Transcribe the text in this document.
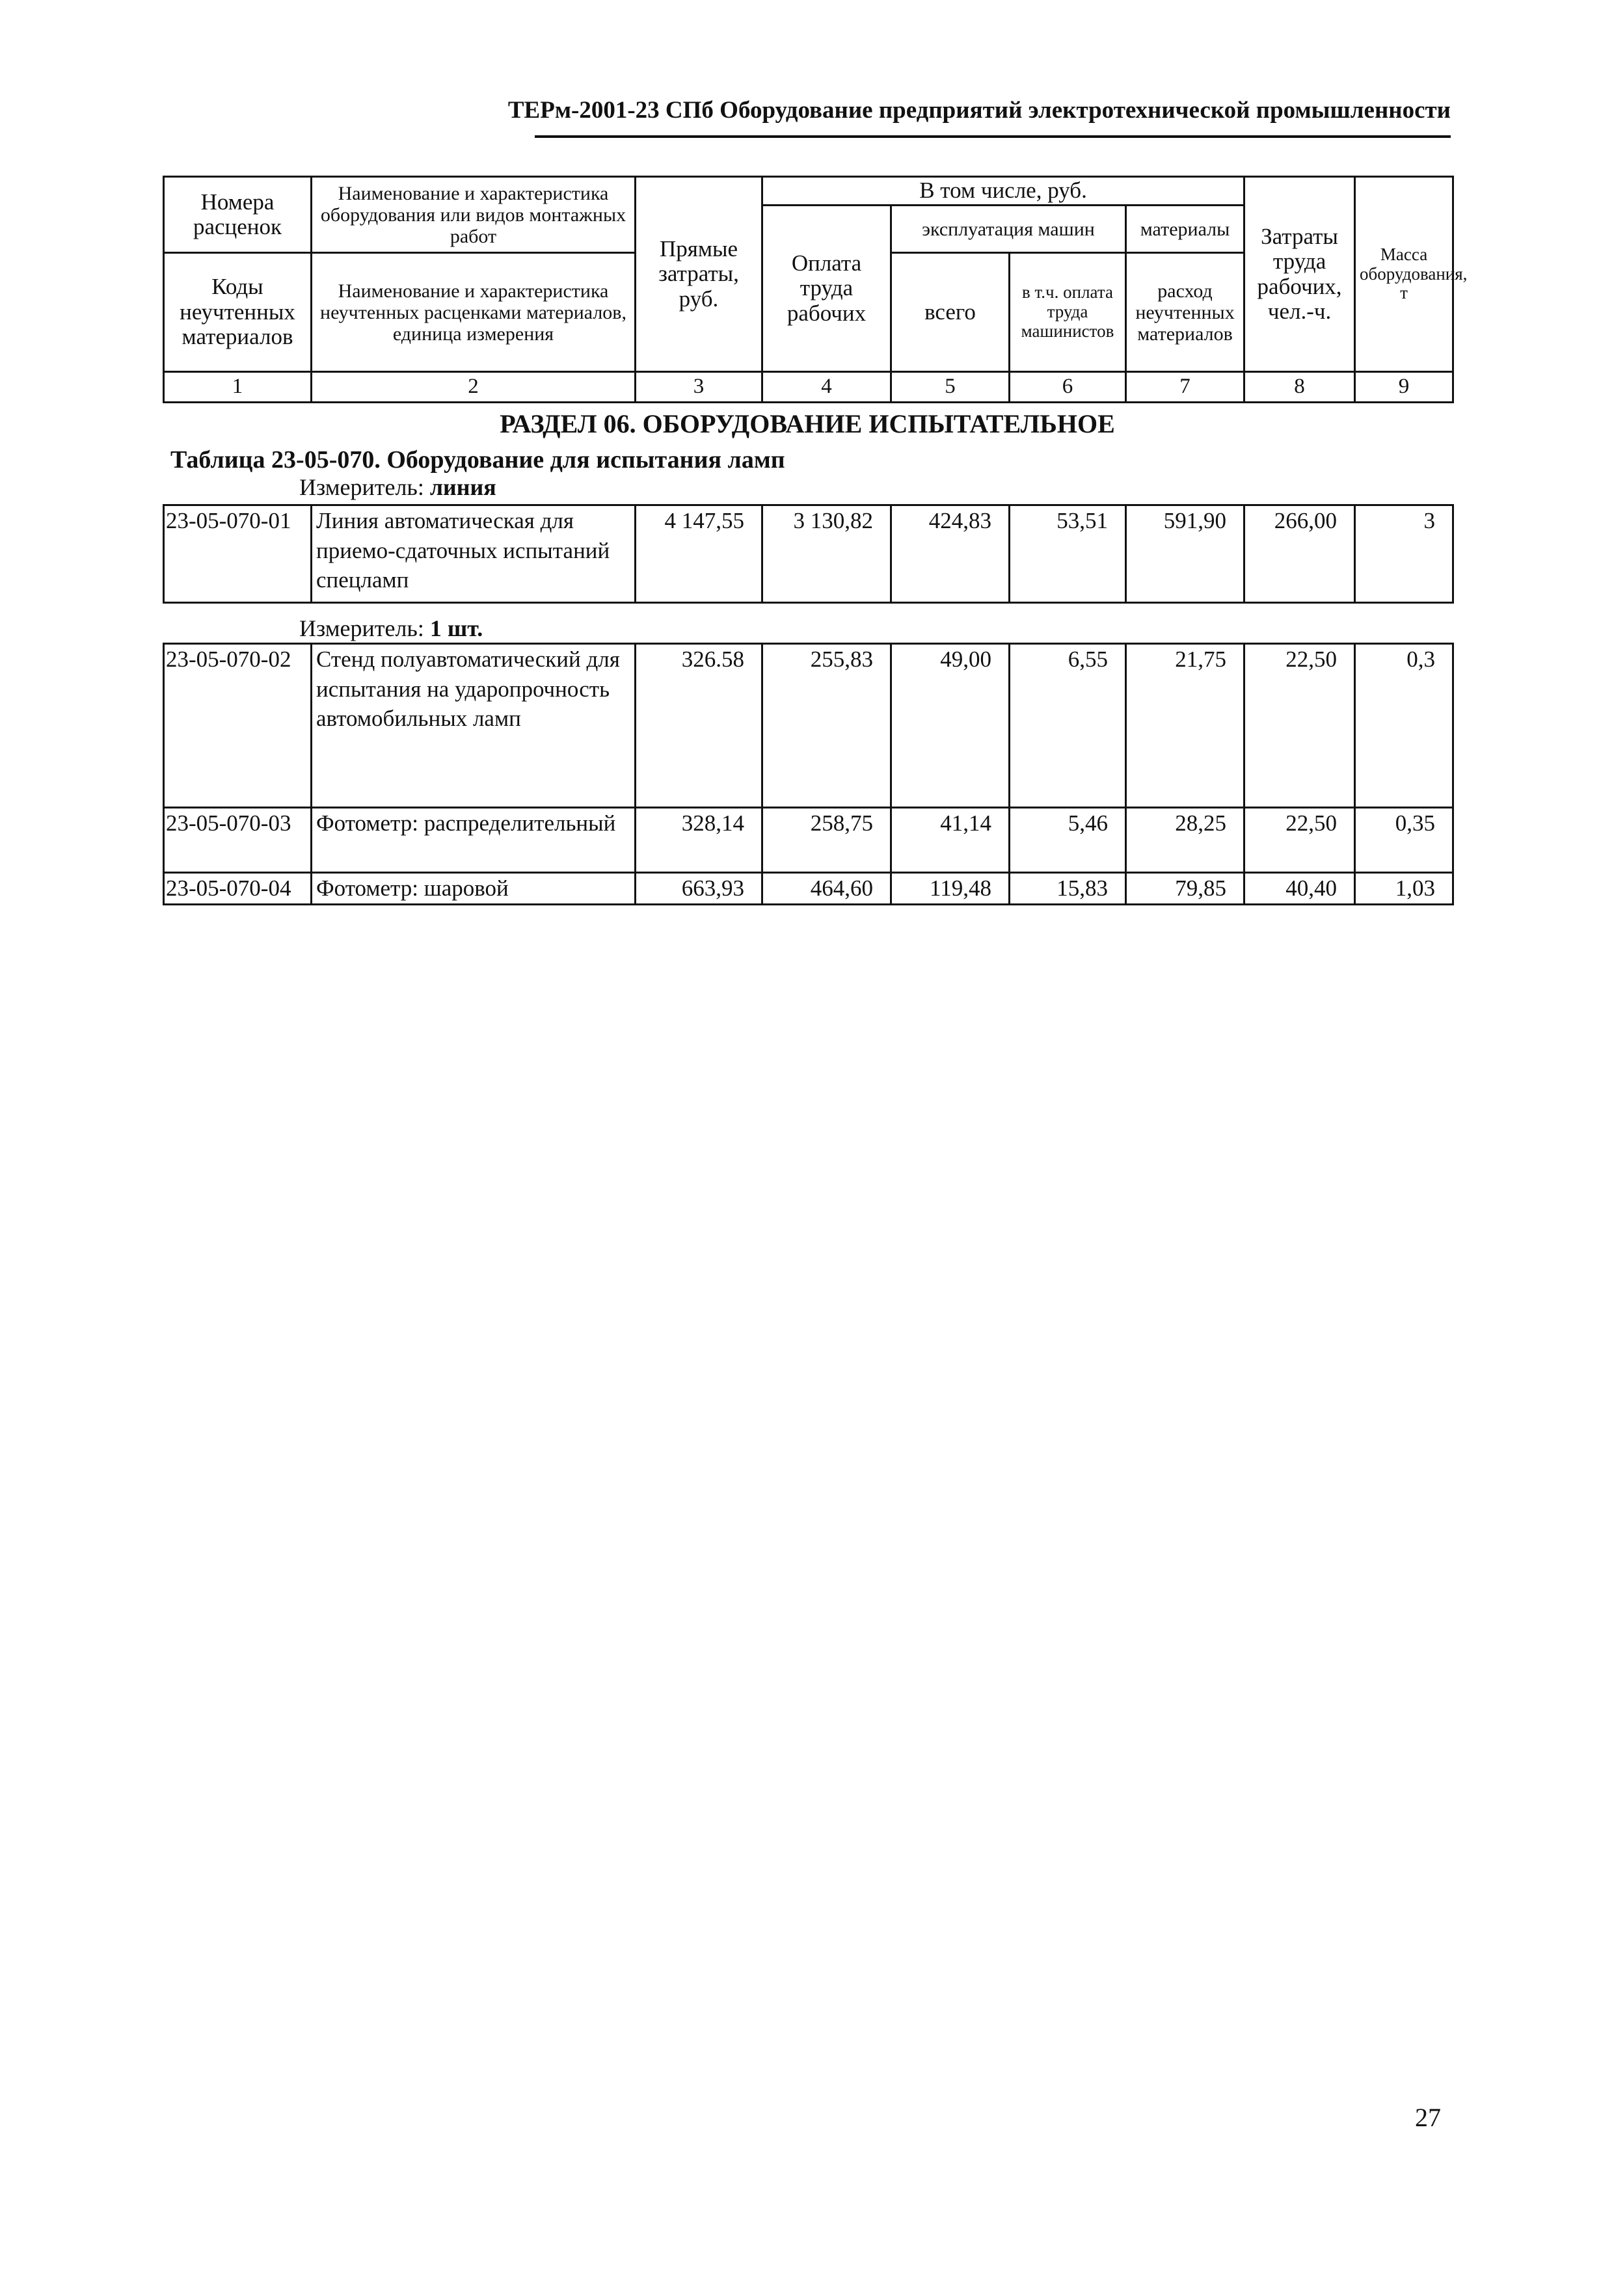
ТЕРм-2001-23 СПб Оборудование предприятий электротехнической промышленности
Номера расценок	Наименование и характеристика оборудования или видов монтажных работ	Прямые затраты, руб.	В том числе, руб.				Затраты труда рабочих, чел.-ч.	Масса оборудования, т
			Оплата труда рабочих	эксплуатация машин		материалы		
Коды неучтенных материалов	Наименование и характеристика неучтенных расценками материалов, единица измерения			всего	в т.ч. оплата труда машинистов	расход неучтенных материалов		

1	2	3	4	5	6	7	8	9
РАЗДЕЛ 06. ОБОРУДОВАНИЕ ИСПЫТАТЕЛЬНОЕ
Таблица 23-05-070. Оборудование для испытания ламп
Измеритель: линия
23-05-070-01	Линия автоматическая для приемо-сдаточных испытаний спецламп	4 147,55	3 130,82	424,83	53,51	591,90	266,00	3
Измеритель: 1 шт.
23-05-070-02	Стенд полуавтоматический для испытания на ударопрочность автомобильных ламп	326.58	255,83	49,00	6,55	21,75	22,50	0,3
23-05-070-03	Фотометр: распределительный	328,14	258,75	41,14	5,46	28,25	22,50	0,35
23-05-070-04	Фотометр: шаровой	663,93	464,60	119,48	15,83	79,85	40,40	1,03
27
